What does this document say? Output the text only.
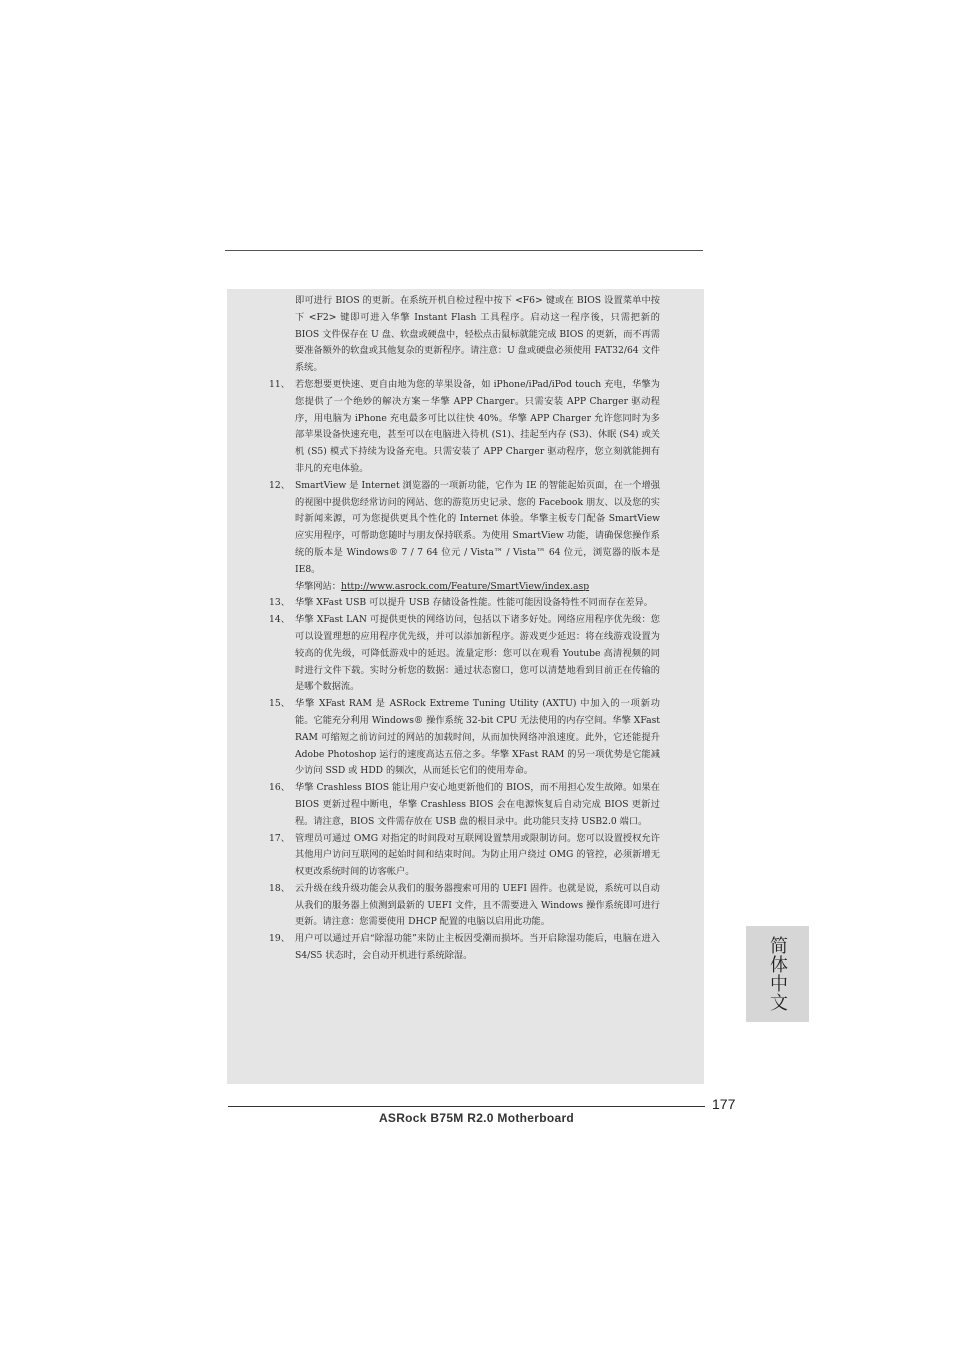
即可进行 BIOS 的更新。在系统开机自检过程中按下 <F6> 键或在 BIOS 设置菜单中按下 <F2> 键即可进入华擎 Instant Flash 工具程序。启动这一程序後，只需把新的 BIOS 文件保存在 U 盘、软盘或硬盘中，轻松点击鼠标就能完成 BIOS 的更新，而不再需要准备额外的软盘或其他复杂的更新程序。请注意：U 盘或硬盘必须使用 FAT32/64 文件系统。

11、 若您想要更快速、更自由地为您的苹果设备，如 iPhone/iPad/iPod touch 充电，华擎为您提供了一个绝妙的解决方案－华擎 APP Charger。只需安装 APP Charger 驱动程序，用电脑为 iPhone 充电最多可比以往快 40%。华擎 APP Charger 允许您同时为多部苹果设备快速充电，甚至可以在电脑进入待机 (S1)、挂起至内存 (S3)、休眠 (S4) 或关机 (S5) 模式下持续为设备充电。只需安装了 APP Charger 驱动程序，您立刻就能拥有非凡的充电体验。

12、 SmartView 是 Internet 浏览器的一项新功能，它作为 IE 的智能起始页面，在一个增强的视图中提供您经常访问的网站、您的游览历史记录、您的 Facebook 朋友、以及您的实时新闻来源，可为您提供更具个性化的 Internet 体验。华擎主板专门配备 SmartView 应实用程序，可帮助您随时与朋友保持联系。为使用 SmartView 功能，请确保您操作系统的版本是 Windows® 7 / 7 64 位元 / Vista™ / Vista™ 64 位元，浏览器的版本是 IE8。
华擎网站：http://www.asrock.com/Feature/SmartView/index.asp

13、 华擎 XFast USB 可以提升 USB 存储设备性能。性能可能因设备特性不同而存在差异。

14、 华擎 XFast LAN 可提供更快的网络访问，包括以下诸多好处。网络应用程序优先级：您可以设置理想的应用程序优先级，并可以添加新程序。游戏更少延迟：将在线游戏设置为较高的优先级，可降低游戏中的延迟。流量定形：您可以在观看 Youtube 高清视频的同时进行文件下载。实时分析您的数据：通过状态窗口，您可以清楚地看到目前正在传输的是哪个数据流。

15、 华擎 XFast RAM 是 ASRock Extreme Tuning Utility (AXTU) 中加入的一项新功能。它能充分利用 Windows® 操作系统 32-bit CPU 无法使用的内存空间。华擎 XFast RAM 可缩短之前访问过的网站的加载时间，从而加快网络冲浪速度。此外，它还能提升 Adobe Photoshop 运行的速度高达五倍之多。华擎 XFast RAM 的另一项优势是它能减少访问 SSD 或 HDD 的频次，从而延长它们的使用寿命。

16、 华擎 Crashless BIOS 能让用户安心地更新他们的 BIOS，而不用担心发生故障。如果在 BIOS 更新过程中断电，华擎 Crashless BIOS 会在电源恢复后自动完成 BIOS 更新过程。请注意，BIOS 文件需存放在 USB 盘的根目录中。此功能只支持 USB2.0 端口。

17、 管理员可通过 OMG 对指定的时间段对互联网设置禁用或限制访问。您可以设置授权允许其他用户访问互联网的起始时间和结束时间。为防止用户绕过 OMG 的管控，必须新增无权更改系统时间的访客帐户。

18、 云升级在线升级功能会从我们的服务器搜索可用的 UEFI 固件。也就是说，系统可以自动从我们的服务器上侦测到最新的 UEFI 文件，且不需要进入 Windows 操作系统即可进行更新。请注意：您需要使用 DHCP 配置的电脑以启用此功能。

19、 用户可以通过开启“除湿功能”来防止主板因受潮而损坏。当开启除湿功能后，电脑在进入 S4/S5 状态时，会自动开机进行系统除湿。	简体中文
177
ASRock B75M R2.0 Motherboard
